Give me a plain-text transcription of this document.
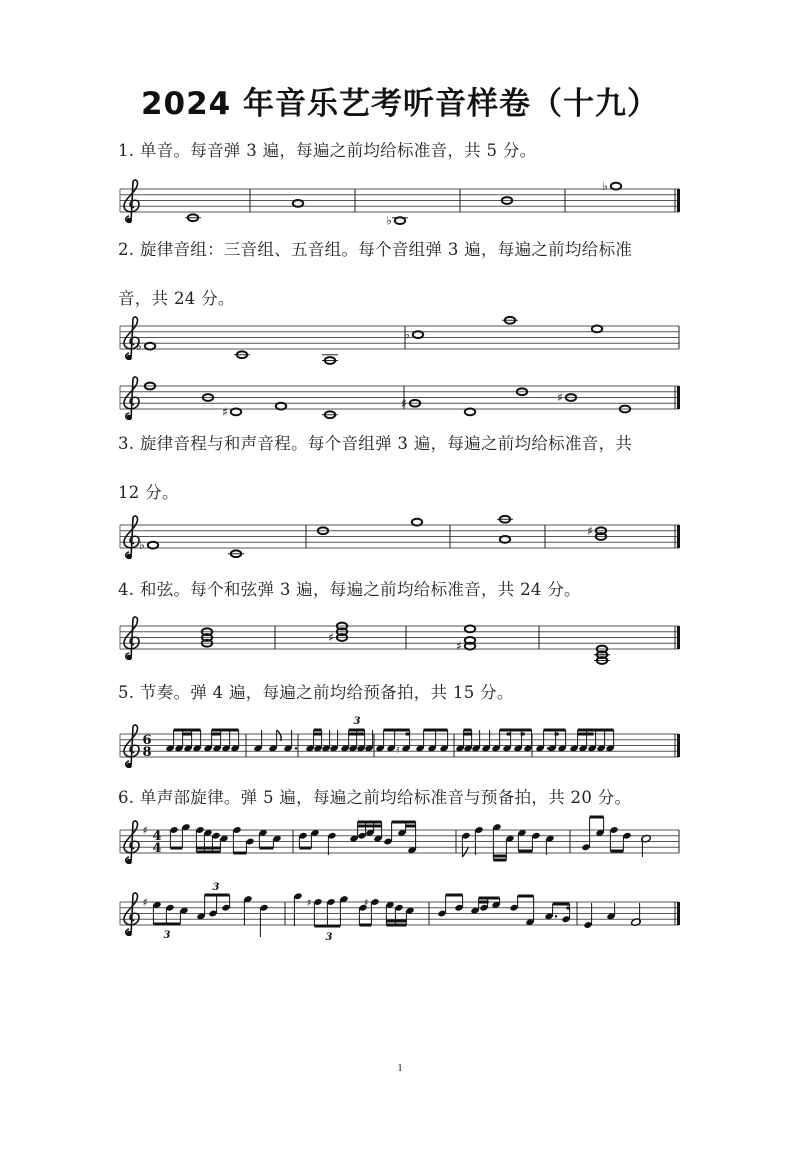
2024 年音乐艺考听音样卷（十九）
1. 单音。每音弹 3 遍，每遍之前均给标准音，共 5 分。
2. 旋律音组：三音组、五音组。每个音组弹 3 遍，每遍之前均给标准
音，共 24 分。
3. 旋律音程与和声音程。每个音组弹 3 遍，每遍之前均给标准音，共
12 分。
4. 和弦。每个和弦弹 3 遍，每遍之前均给标准音，共 24 分。
5. 节奏。弹 4 遍，每遍之前均给预备拍，共 15 分。
6. 单声部旋律。弹 5 遍，每遍之前均给标准音与预备拍，共 20 分。
♭
♭
♭
♭
♯
♯	♯
♭
♯
♯
♯
6
8
3
𝄿
♯ 4
4
♯	♯	♯
3
3
3
1
